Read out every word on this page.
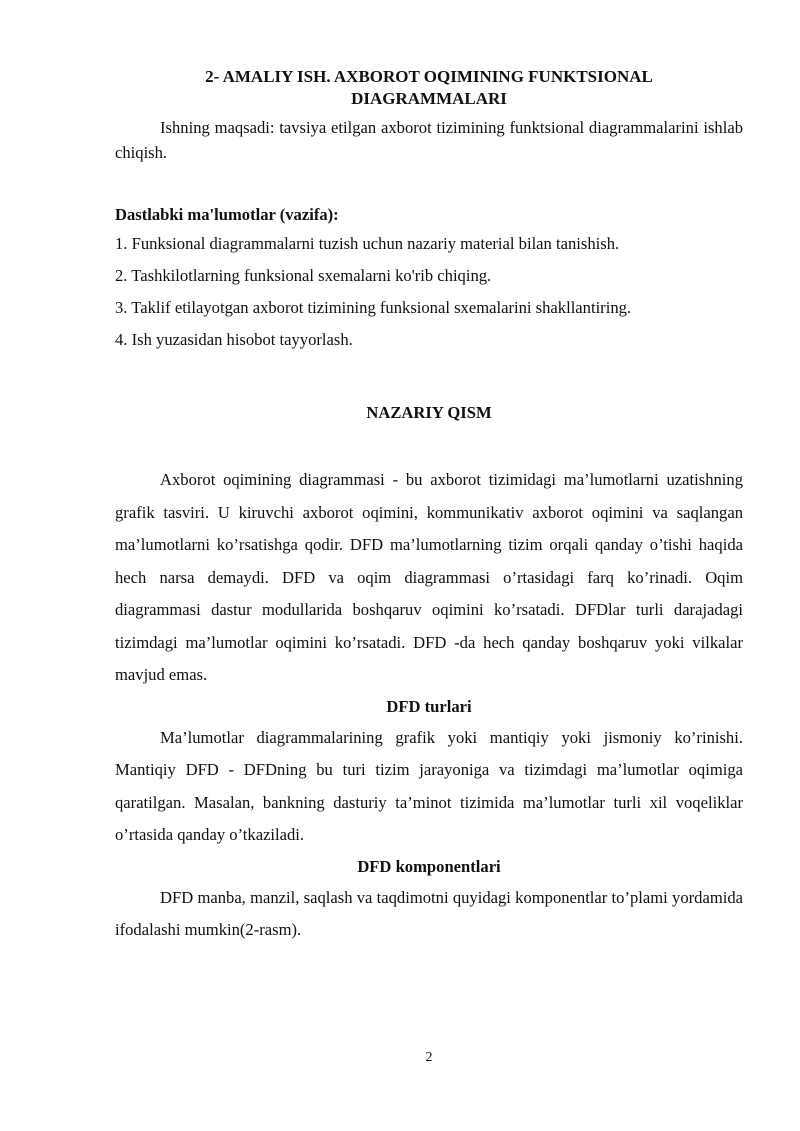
2- AMALIY ISH. AXBOROT OQIMINING FUNKTSIONAL DIAGRAMMALARI

Ishning maqsadi: tavsiya etilgan axborot tizimining funktsional diagrammalarini ishlab chiqish.

Dastlabki ma'lumotlar (vazifa):

1. Funksional diagrammalarni tuzish uchun nazariy material bilan tanishish.

2. Tashkilotlarning funksional sxemalarni ko'rib chiqing.

3. Taklif etilayotgan axborot tizimining funksional sxemalarini shakllantiring.

4. Ish yuzasidan hisobot tayyorlash.

NAZARIY QISM

Axborot oqimining diagrammasi - bu axborot tizimidagi ma’lumotlarni uzatishning grafik tasviri. U kiruvchi axborot oqimini, kommunikativ axborot oqimini va saqlangan ma’lumotlarni ko’rsatishga qodir. DFD ma’lumotlarning tizim orqali qanday o’tishi haqida hech narsa demaydi. DFD va oqim diagrammasi o’rtasidagi farq ko’rinadi. Oqim diagrammasi dastur modullarida boshqaruv oqimini ko’rsatadi. DFDlar turli darajadagi tizimdagi ma’lumotlar oqimini ko’rsatadi. DFD -da hech qanday boshqaruv yoki vilkalar mavjud emas.

DFD turlari

Ma’lumotlar diagrammalarining grafik yoki mantiqiy yoki jismoniy ko’rinishi. Mantiqiy DFD - DFDning bu turi tizim jarayoniga va tizimdagi ma’lumotlar oqimiga qaratilgan. Masalan, bankning dasturiy ta’minot tizimida ma’lumotlar turli xil voqeliklar o’rtasida qanday o’tkaziladi.

DFD komponentlari

DFD manba, manzil, saqlash va taqdimotni quyidagi komponentlar to’plami yordamida ifodalashi mumkin(2-rasm).

2
